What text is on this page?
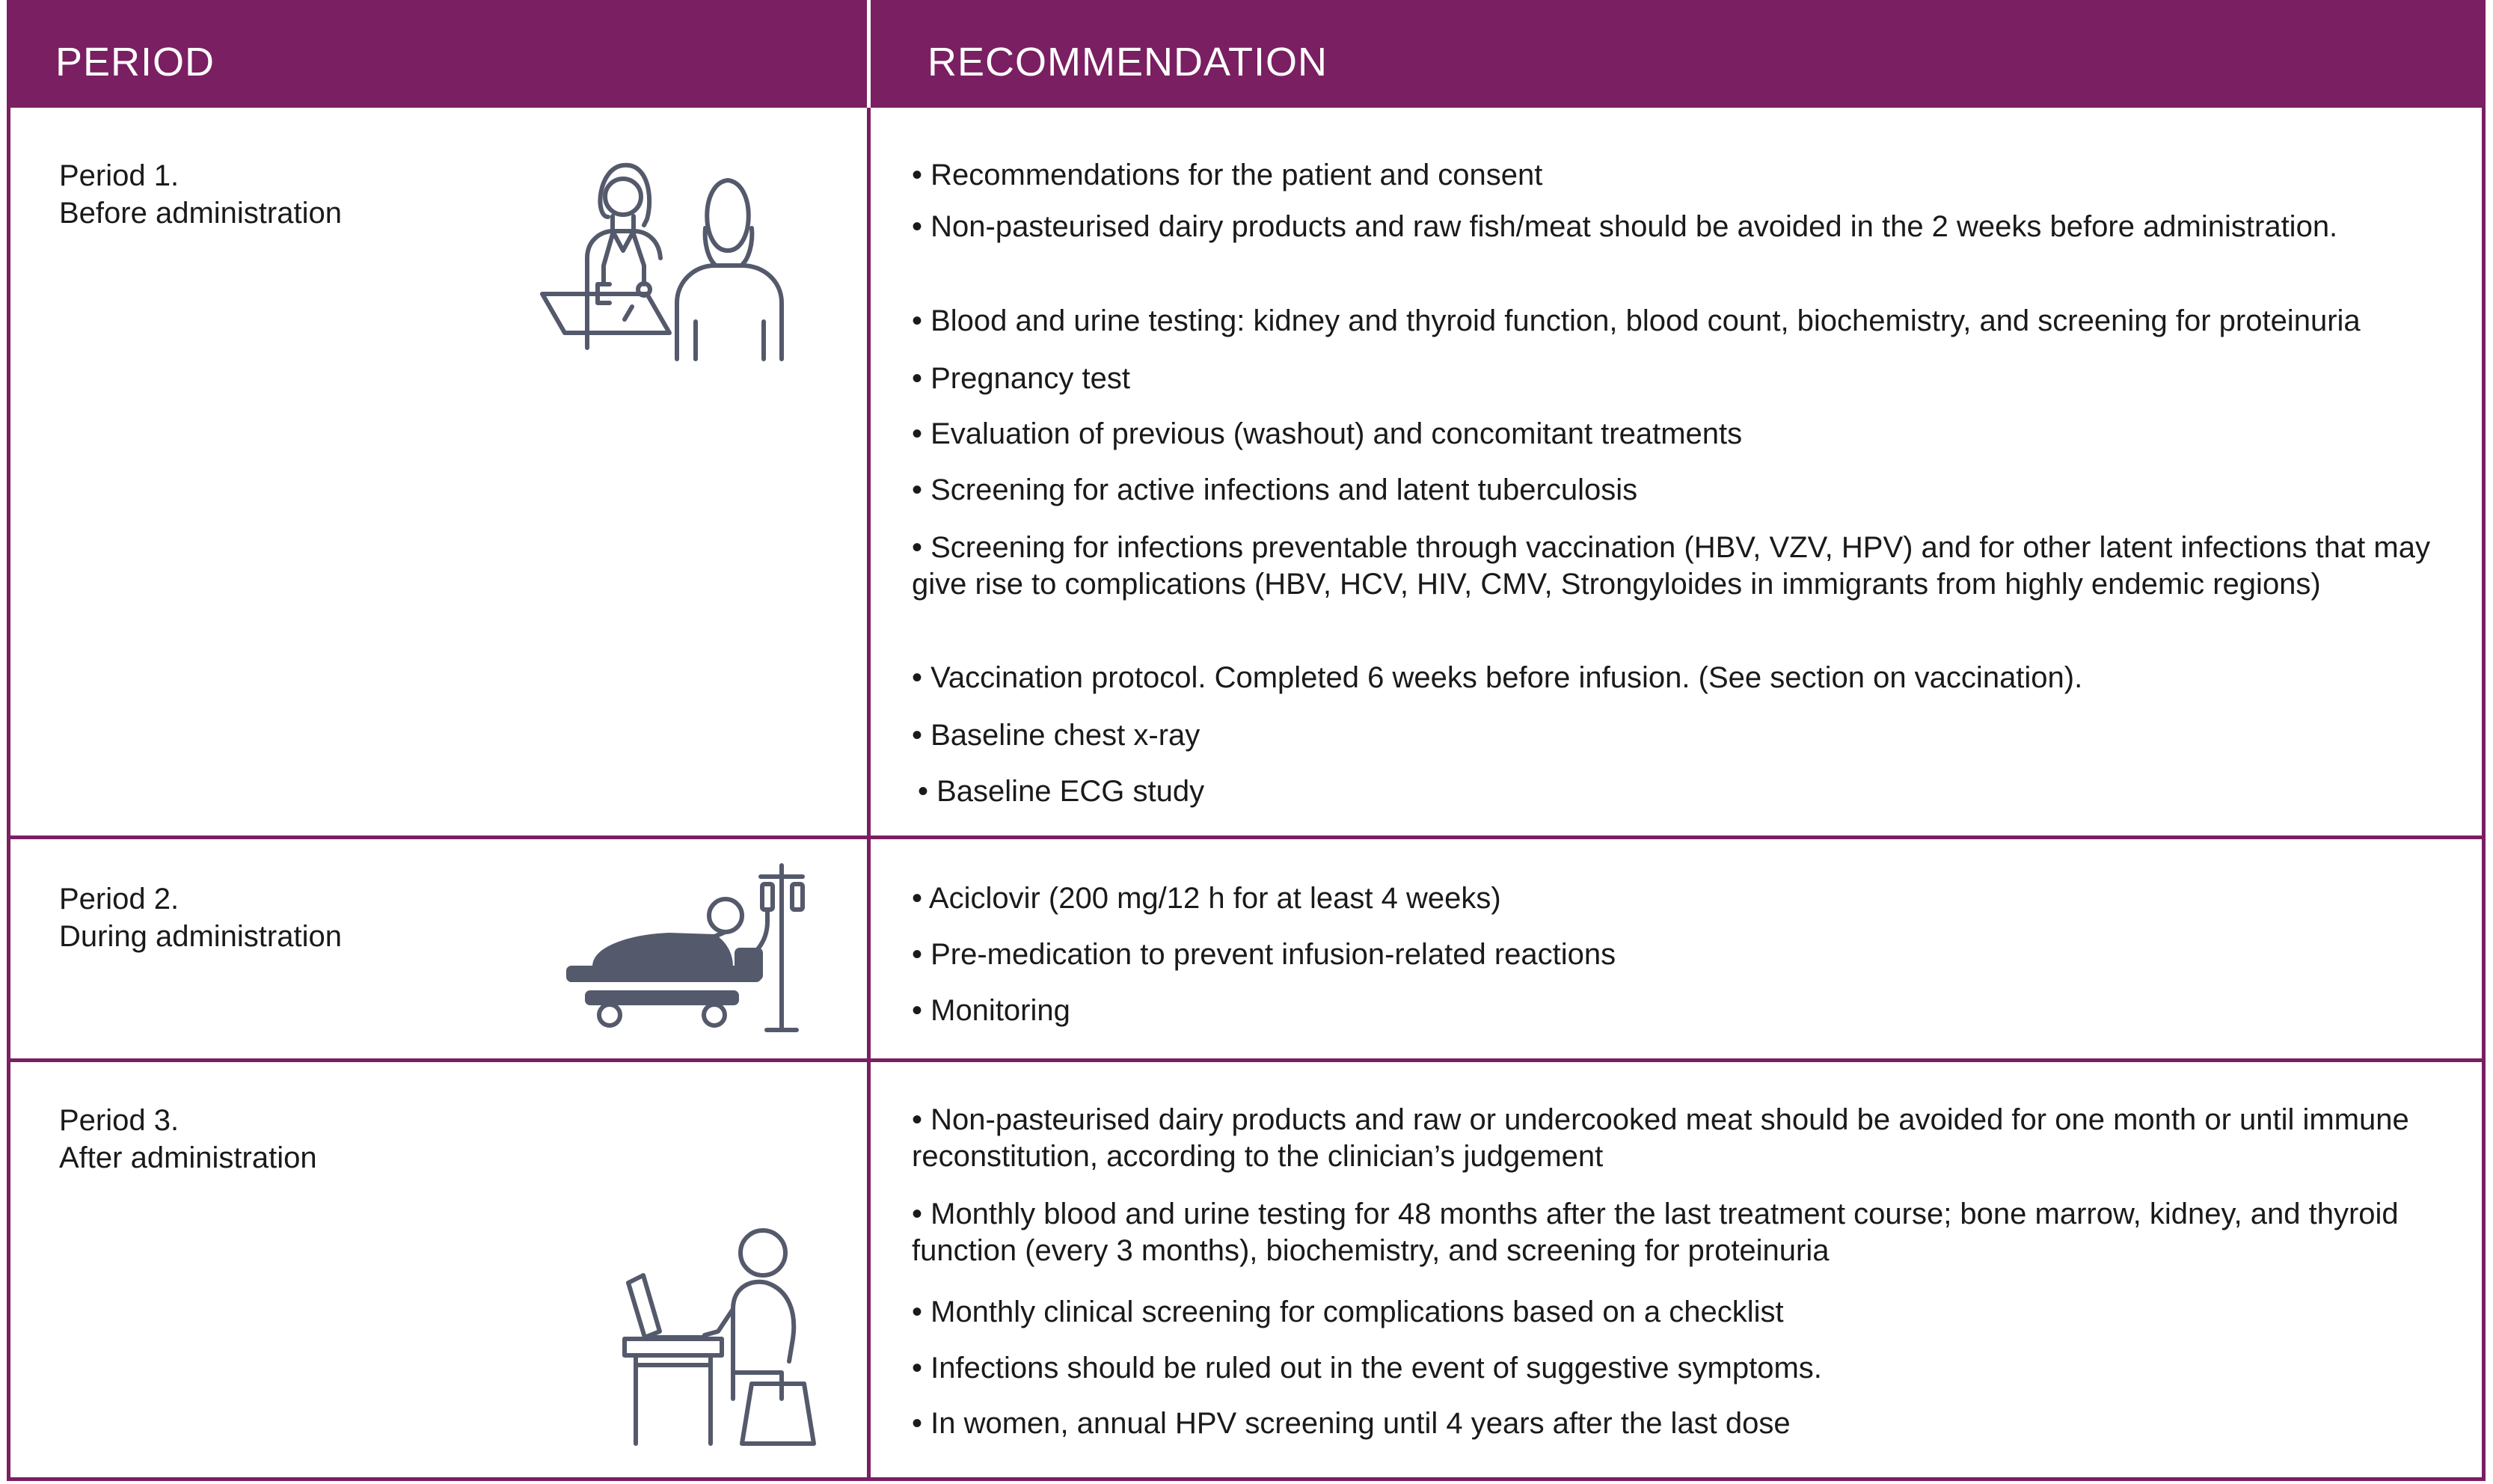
PERIOD	RECOMMENDATION
Period 1.
Before administration
• Recommendations for the patient and consent
• Non-pasteurised dairy products and raw fish/meat should be avoided in the 2 weeks before administration.
• Blood and urine testing: kidney and thyroid function, blood count, biochemistry, and screening for proteinuria
• Pregnancy test
• Evaluation of previous (washout) and concomitant treatments
• Screening for active infections and latent tuberculosis
• Screening for infections preventable through vaccination (HBV, VZV, HPV) and for other latent infections that may give rise to complications (HBV, HCV, HIV, CMV, Strongyloides in immigrants from highly endemic regions)
• Vaccination protocol. Completed 6 weeks before infusion. (See section on vaccination).
• Baseline chest x-ray
• Baseline ECG study
Period 2.
During administration
• Aciclovir (200 mg/12 h for at least 4 weeks)
• Pre-medication to prevent infusion-related reactions
• Monitoring
Period 3.
After administration
• Non-pasteurised dairy products and raw or undercooked meat should be avoided for one month or until immune reconstitution, according to the clinician’s judgement
• Monthly blood and urine testing for 48 months after the last treatment course; bone marrow, kidney, and thyroid function (every 3 months), biochemistry, and screening for proteinuria
• Monthly clinical screening for complications based on a checklist
• Infections should be ruled out in the event of suggestive symptoms.
• In women, annual HPV screening until 4 years after the last dose
